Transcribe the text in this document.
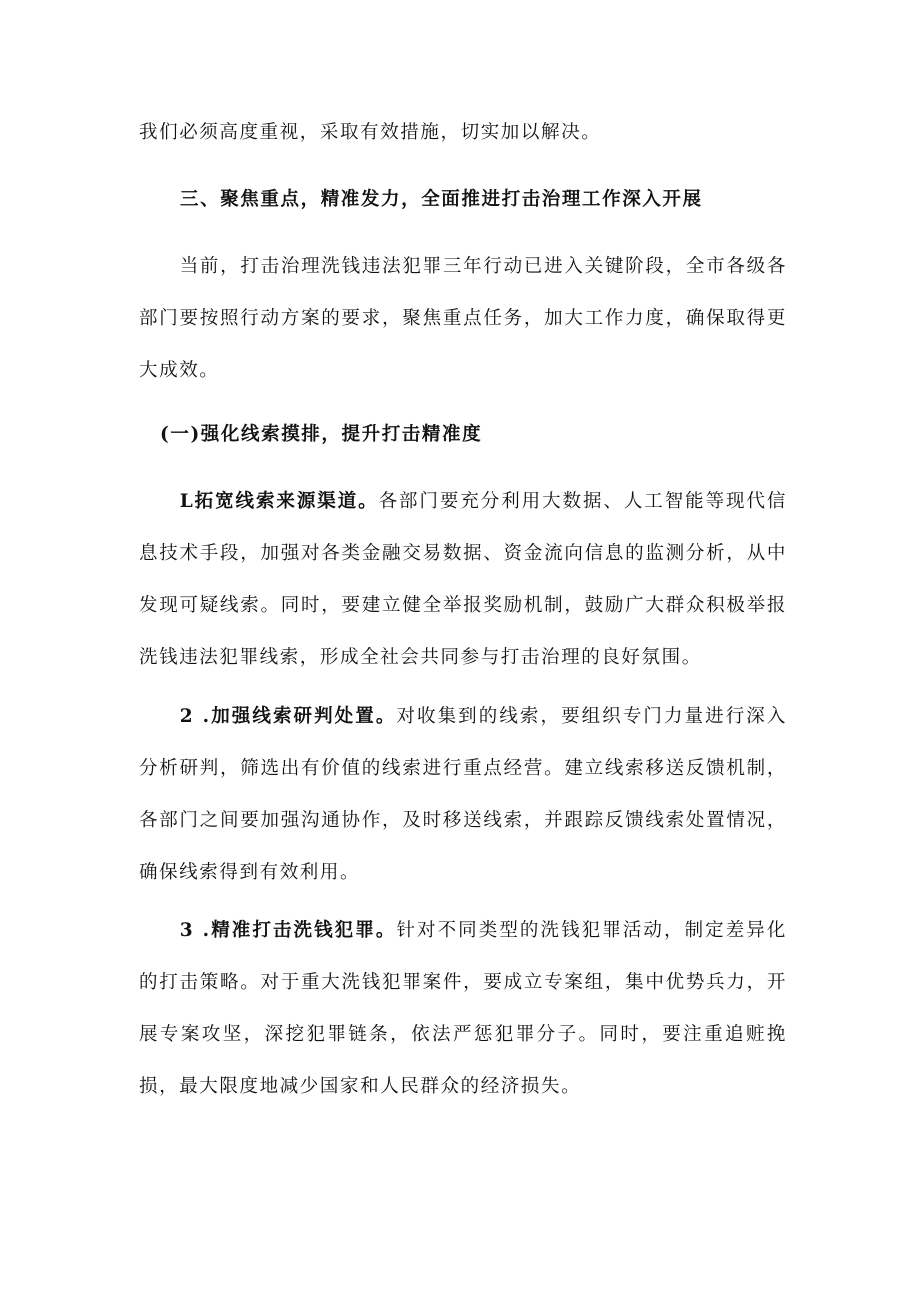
我们必须高度重视，采取有效措施，切实加以解决。

三、聚焦重点，精准发力，全面推进打击治理工作深入开展

当前，打击治理洗钱违法犯罪三年行动已进入关键阶段，全市各级各部门要按照行动方案的要求，聚焦重点任务，加大工作力度，确保取得更大成效。

(一)强化线索摸排，提升打击精准度

L拓宽线索来源渠道。各部门要充分利用大数据、人工智能等现代信息技术手段，加强对各类金融交易数据、资金流向信息的监测分析，从中发现可疑线索。同时，要建立健全举报奖励机制，鼓励广大群众积极举报洗钱违法犯罪线索，形成全社会共同参与打击治理的良好氛围。

2 .加强线索研判处置。对收集到的线索，要组织专门力量进行深入分析研判，筛选出有价值的线索进行重点经营。建立线索移送反馈机制，各部门之间要加强沟通协作，及时移送线索，并跟踪反馈线索处置情况，确保线索得到有效利用。

3 .精准打击洗钱犯罪。针对不同类型的洗钱犯罪活动，制定差异化的打击策略。对于重大洗钱犯罪案件，要成立专案组，集中优势兵力，开展专案攻坚，深挖犯罪链条，依法严惩犯罪分子。同时，要注重追赃挽损，最大限度地减少国家和人民群众的经济损失。
